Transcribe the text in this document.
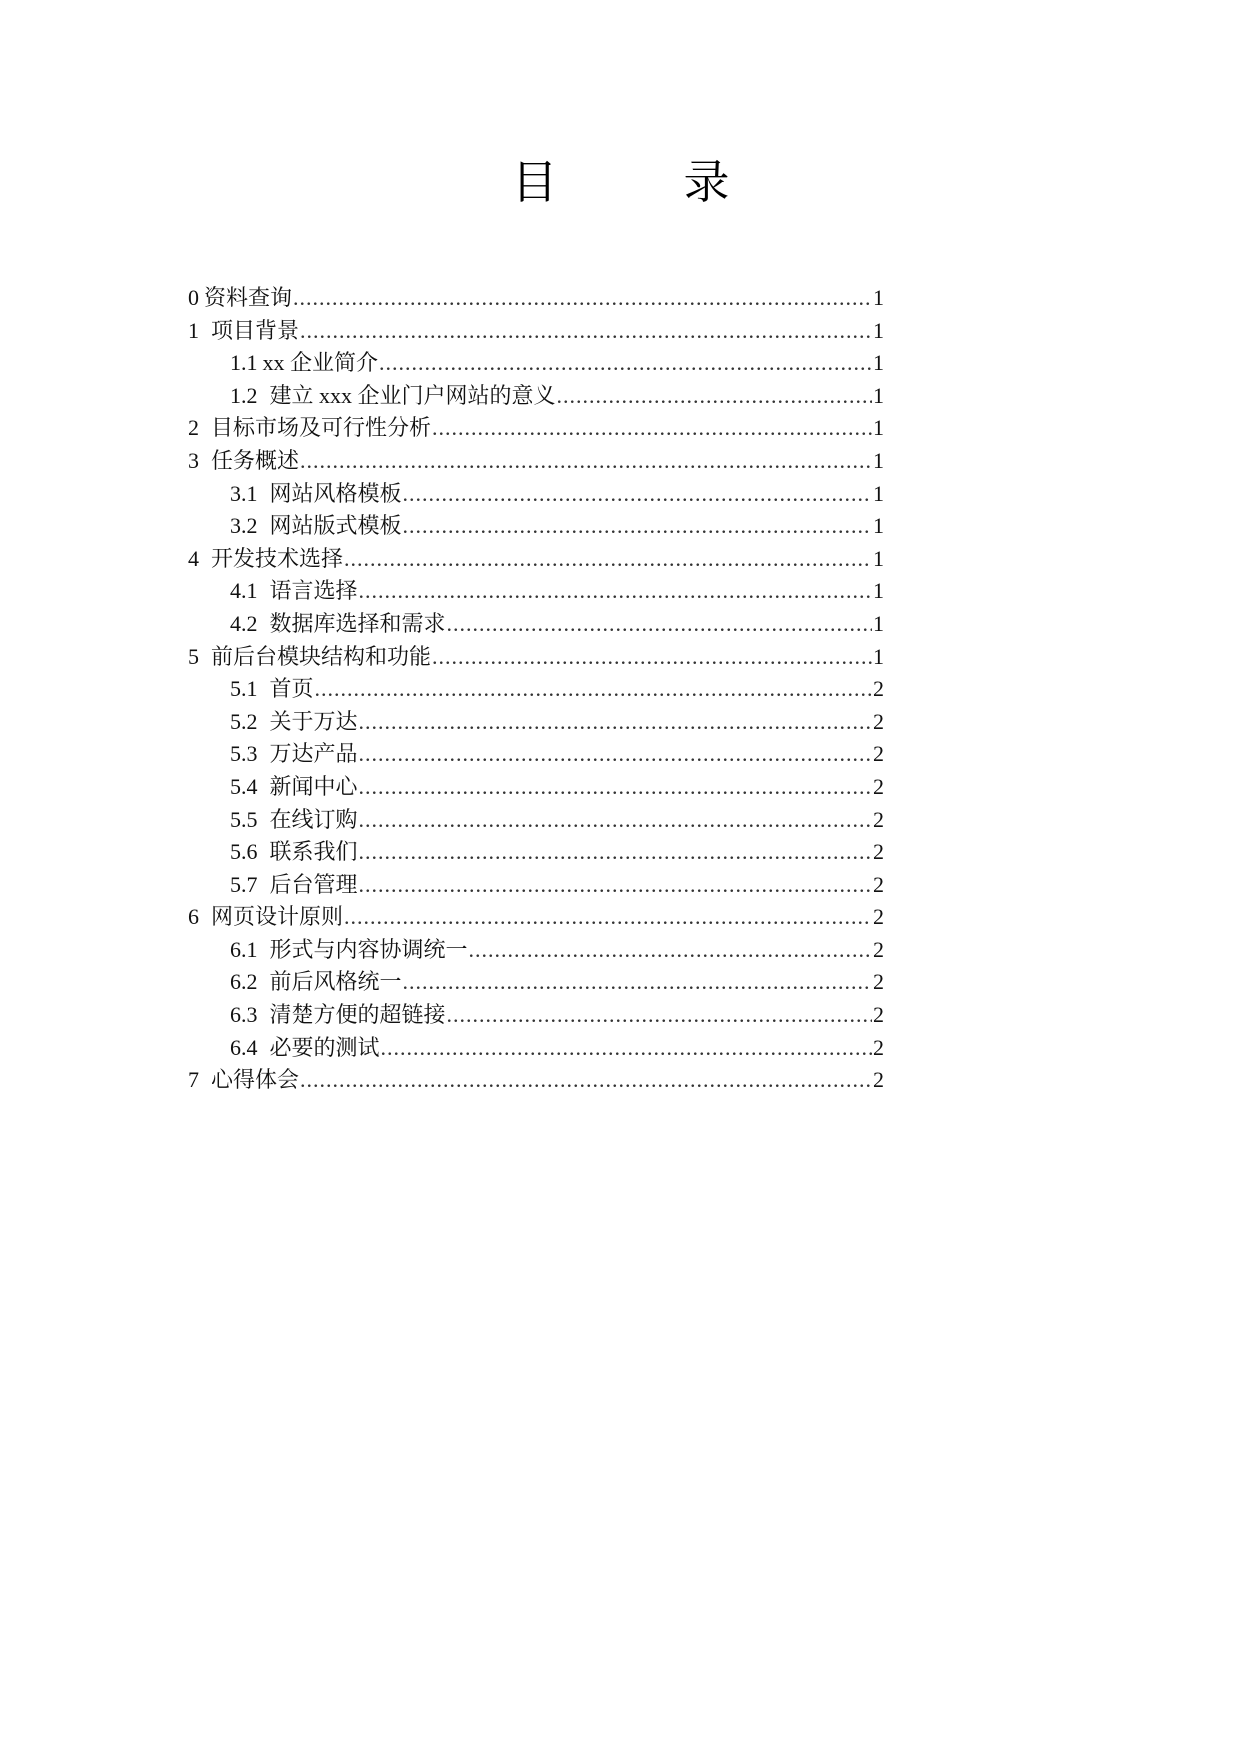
目　录
0 资料查询 .....	1
1 项目背景 .....	1
1.1 xx 企业简介 .....	1
1.2 建立 xxx 企业门户网站的意义 .....	1
2 目标市场及可行性分析 .....	1
3 任务概述 .....	1
3.1 网站风格模板 .....	1
3.2 网站版式模板 .....	1
4 开发技术选择 .....	1
4.1 语言选择 .....	1
4.2 数据库选择和需求 .....	1
5 前后台模块结构和功能 .....	1
5.1 首页 .....	2
5.2 关于万达 .....	2
5.3 万达产品 .....	2
5.4 新闻中心 .....	2
5.5 在线订购 .....	2
5.6 联系我们 .....	2
5.7 后台管理 .....	2
6 网页设计原则 .....	2
6.1 形式与内容协调统一 .....	2
6.2 前后风格统一 .....	2
6.3 清楚方便的超链接 .....	2
6.4 必要的测试 .....	2
7 心得体会 .....	2
